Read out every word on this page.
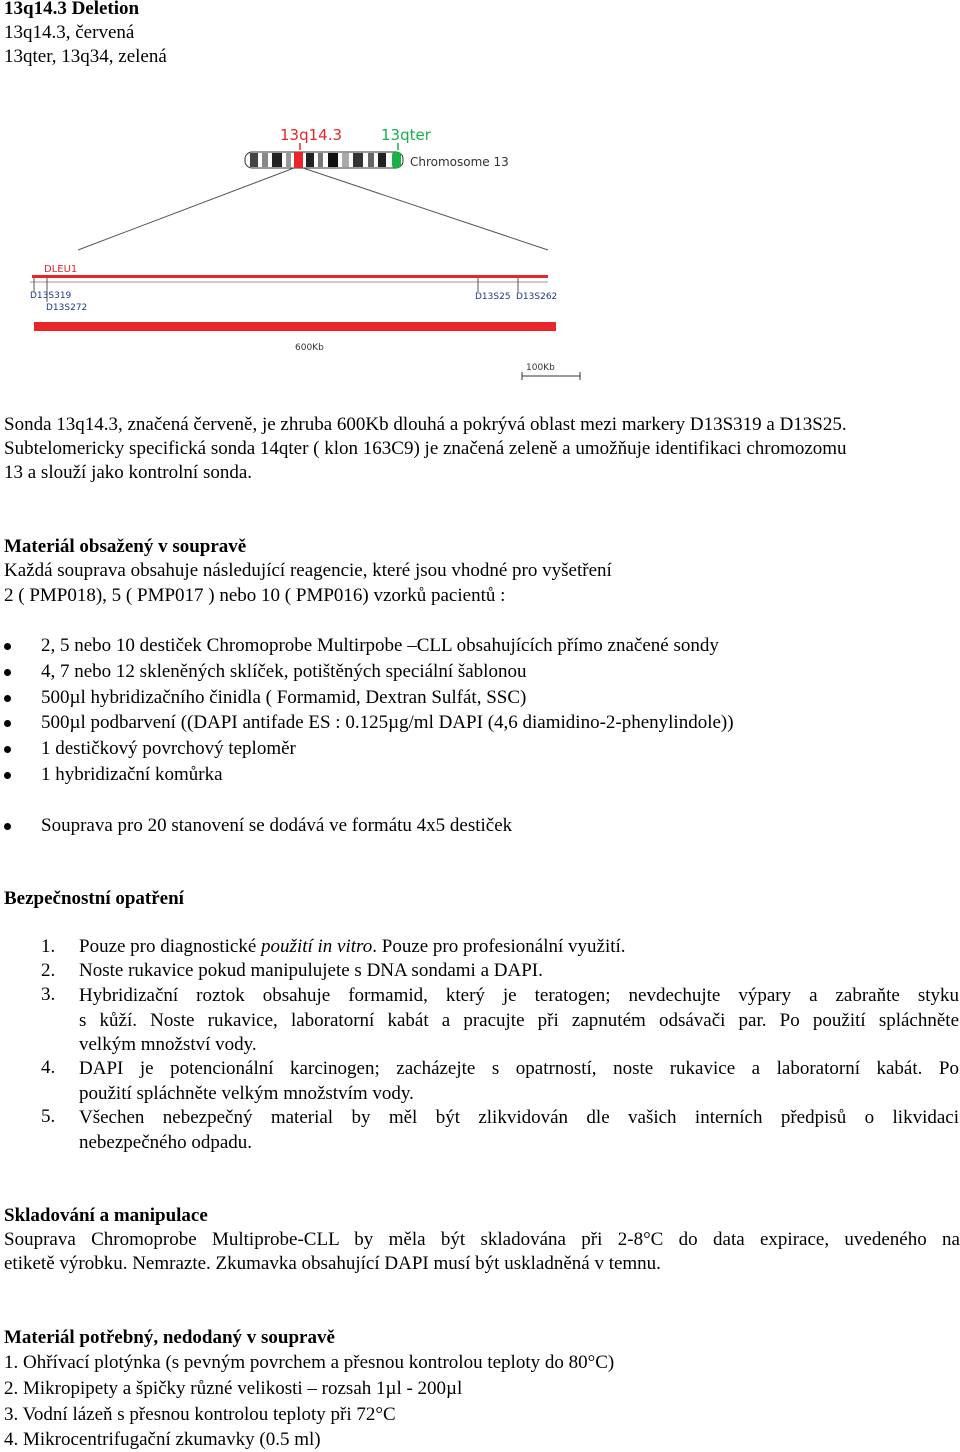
13q14.3 Deletion
13q14.3, červená
13qter, 13q34, zelená
13q14.3	13qter
Chromosome 13
DLEU1
D13S319
D13S272
D13S25 D13S262
600Kb
100Kb
Sonda 13q14.3, značená červeně, je zhruba 600Kb dlouhá a pokrývá oblast mezi markery D13S319 a D13S25.
Subtelomericky specifická sonda 14qter ( klon 163C9) je značená zeleně a umožňuje identifikaci chromozomu
13 a slouží jako kontrolní sonda.
Materiál obsažený v soupravě
Každá souprava obsahuje následující reagencie, které jsou vhodné pro vyšetření
2 ( PMP018), 5 ( PMP017 ) nebo 10 ( PMP016) vzorků pacientů :
2, 5 nebo 10 destiček Chromoprobe Multirpobe –CLL obsahujících přímo značené sondy
4, 7 nebo 12 skleněných sklíček, potištěných speciální šablonou
500µl hybridizačního činidla ( Formamid, Dextran Sulfát, SSC)
500µl podbarvení ((DAPI antifade ES : 0.125µg/ml DAPI (4,6 diamidino-2-phenylindole))
1 destičkový povrchový teploměr
1 hybridizační komůrka
Souprava pro 20 stanovení se dodává ve formátu 4x5 destiček
Bezpečnostní opatření
1. Pouze pro diagnostické použití in vitro. Pouze pro profesionální využití.
2. Noste rukavice pokud manipulujete s DNA sondami a DAPI.
3. Hybridizační roztok obsahuje formamid, který je teratogen; nevdechujte výpary a zabraňte styku
s kůží. Noste rukavice, laboratorní kabát a pracujte při zapnutém odsávači par. Po použití spláchněte
velkým množství vody.
4. DAPI je potencionální karcinogen; zacházejte s opatrností, noste rukavice a laboratorní kabát. Po
použití spláchněte velkým množstvím vody.
5. Všechen nebezpečný material by měl být zlikvidován dle vašich interních předpisů o likvidaci
nebezpečného odpadu.
Skladování a manipulace
Souprava Chromoprobe Multiprobe-CLL by měla být skladována při 2-8°C do data expirace, uvedeného na
etiketě výrobku. Nemrazte. Zkumavka obsahující DAPI musí být uskladněná v temnu.
Materiál potřebný, nedodaný v soupravě
1. Ohřívací plotýnka (s pevným povrchem a přesnou kontrolou teploty do 80°C)
2. Mikropipety a špičky různé velikosti – rozsah 1µl - 200µl
3. Vodní lázeň s přesnou kontrolou teploty při 72°C
4. Mikrocentrifugační zkumavky (0.5 ml)
